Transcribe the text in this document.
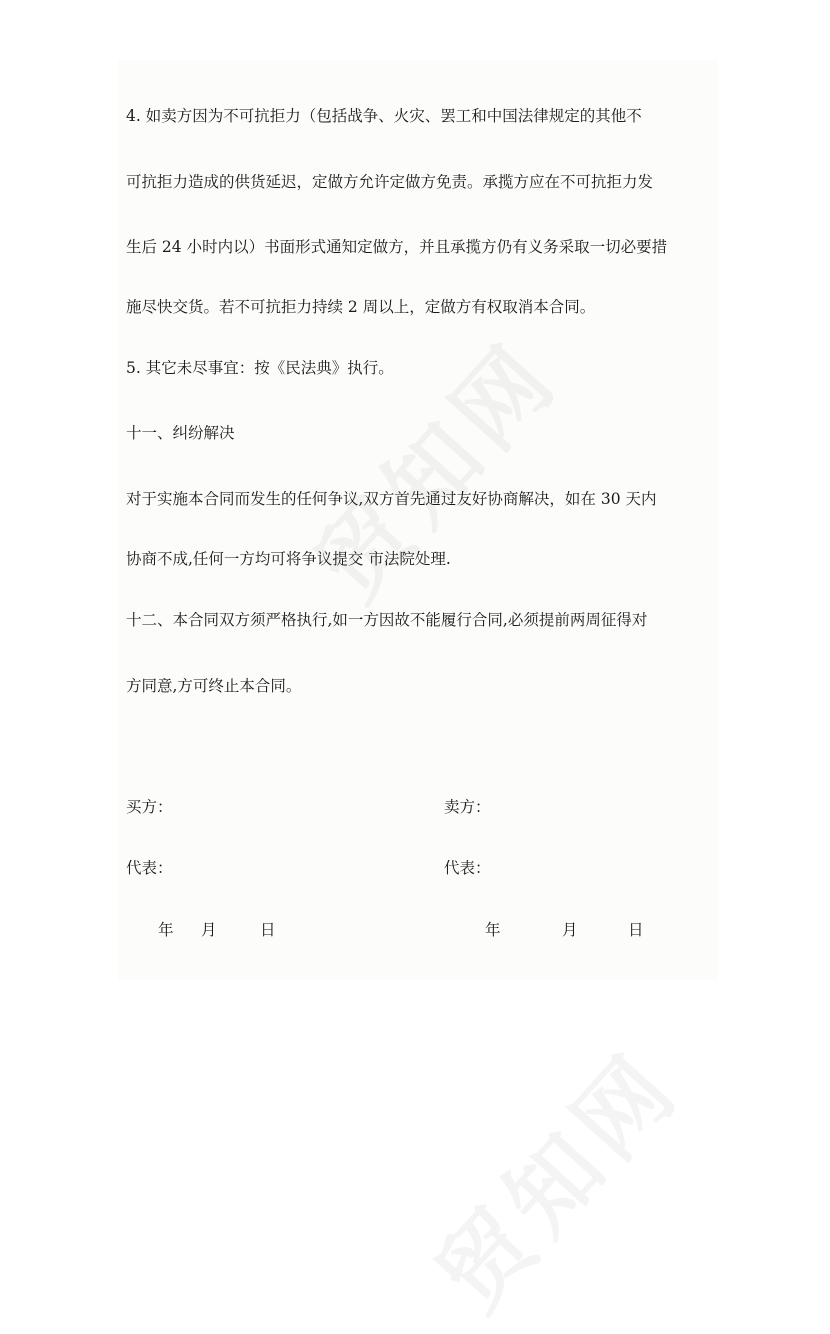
4. 如卖方因为不可抗拒力（包括战争、火灾、罢工和中国法律规定的其他不
可抗拒力造成的供货延迟，定做方允许定做方免责。承揽方应在不可抗拒力发
生后 24 小时内以）书面形式通知定做方，并且承揽方仍有义务采取一切必要措
施尽快交货。若不可抗拒力持续 2 周以上，定做方有权取消本合同。
5. 其它未尽事宜：按《民法典》执行。
十一、纠纷解决
对于实施本合同而发生的任何争议,双方首先通过友好协商解决，如在 30 天内
协商不成,任何一方均可将争议提交 市法院处理.
十二、本合同双方须严格执行,如一方因故不能履行合同,必须提前两周征得对
方同意,方可终止本合同。
买方：	卖方：
代表：	代表：
年 月	日	年	月	日
